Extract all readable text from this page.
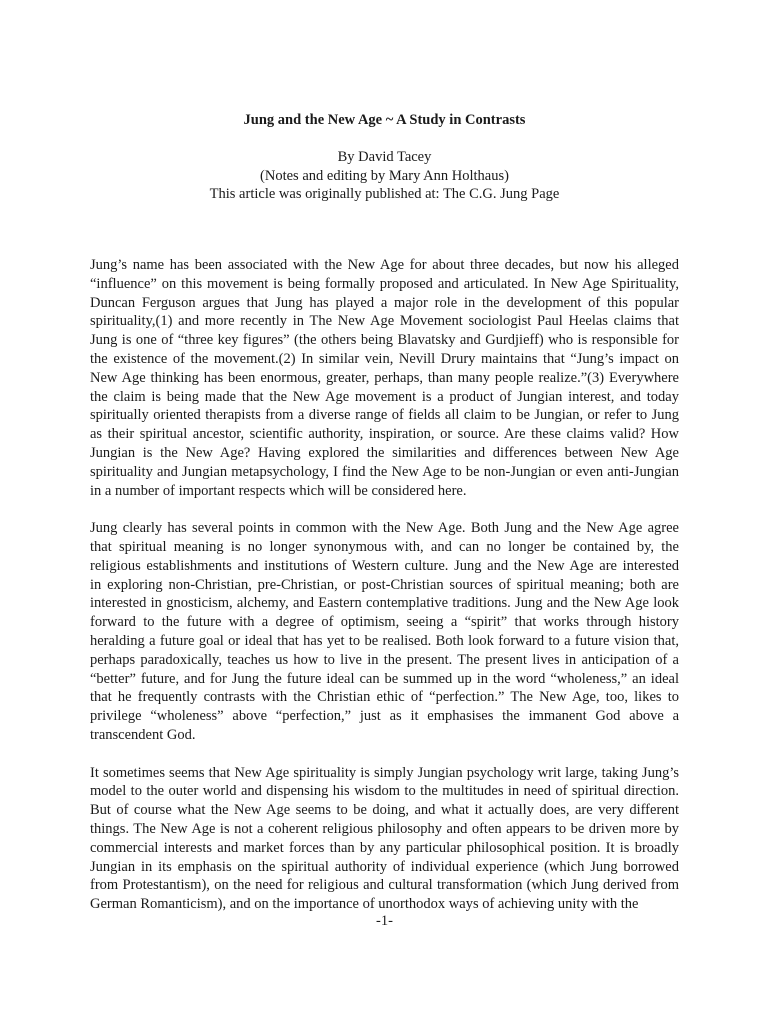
Jung and the New Age ~ A Study in Contrasts
By David Tacey
(Notes and editing by Mary Ann Holthaus)
This article was originally published at: The C.G. Jung Page
Jung’s name has been associated with the New Age for about three decades, but now his alleged
“influence” on this movement is being formally proposed and articulated. In New Age Spirituality,
Duncan Ferguson argues that Jung has played a major role in the development of this popular
spirituality,(1) and more recently in The New Age Movement sociologist Paul Heelas claims that
Jung is one of “three key figures” (the others being Blavatsky and Gurdjieff) who is responsible for
the existence of the movement.(2) In similar vein, Nevill Drury maintains that “Jung’s impact on
New Age thinking has been enormous, greater, perhaps, than many people realize.”(3) Everywhere
the claim is being made that the New Age movement is a product of Jungian interest, and today
spiritually oriented therapists from a diverse range of fields all claim to be Jungian, or refer to Jung
as their spiritual ancestor, scientific authority, inspiration, or source. Are these claims valid? How
Jungian is the New Age? Having explored the similarities and differences between New Age
spirituality and Jungian metapsychology, I find the New Age to be non-Jungian or even anti-Jungian
in a number of important respects which will be considered here.
Jung clearly has several points in common with the New Age. Both Jung and the New Age agree
that spiritual meaning is no longer synonymous with, and can no longer be contained by, the
religious establishments and institutions of Western culture. Jung and the New Age are interested
in exploring non-Christian, pre-Christian, or post-Christian sources of spiritual meaning; both are
interested in gnosticism, alchemy, and Eastern contemplative traditions. Jung and the New Age look
forward to the future with a degree of optimism, seeing a “spirit” that works through history
heralding a future goal or ideal that has yet to be realised. Both look forward to a future vision that,
perhaps paradoxically, teaches us how to live in the present. The present lives in anticipation of a
“better” future, and for Jung the future ideal can be summed up in the word “wholeness,” an ideal
that he frequently contrasts with the Christian ethic of “perfection.” The New Age, too, likes to
privilege “wholeness” above “perfection,” just as it emphasises the immanent God above a
transcendent God.
It sometimes seems that New Age spirituality is simply Jungian psychology writ large, taking Jung’s
model to the outer world and dispensing his wisdom to the multitudes in need of spiritual direction.
But of course what the New Age seems to be doing, and what it actually does, are very different
things. The New Age is not a coherent religious philosophy and often appears to be driven more by
commercial interests and market forces than by any particular philosophical position. It is broadly
Jungian in its emphasis on the spiritual authority of individual experience (which Jung borrowed
from Protestantism), on the need for religious and cultural transformation (which Jung derived from
German Romanticism), and on the importance of unorthodox ways of achieving unity with the
-1-
